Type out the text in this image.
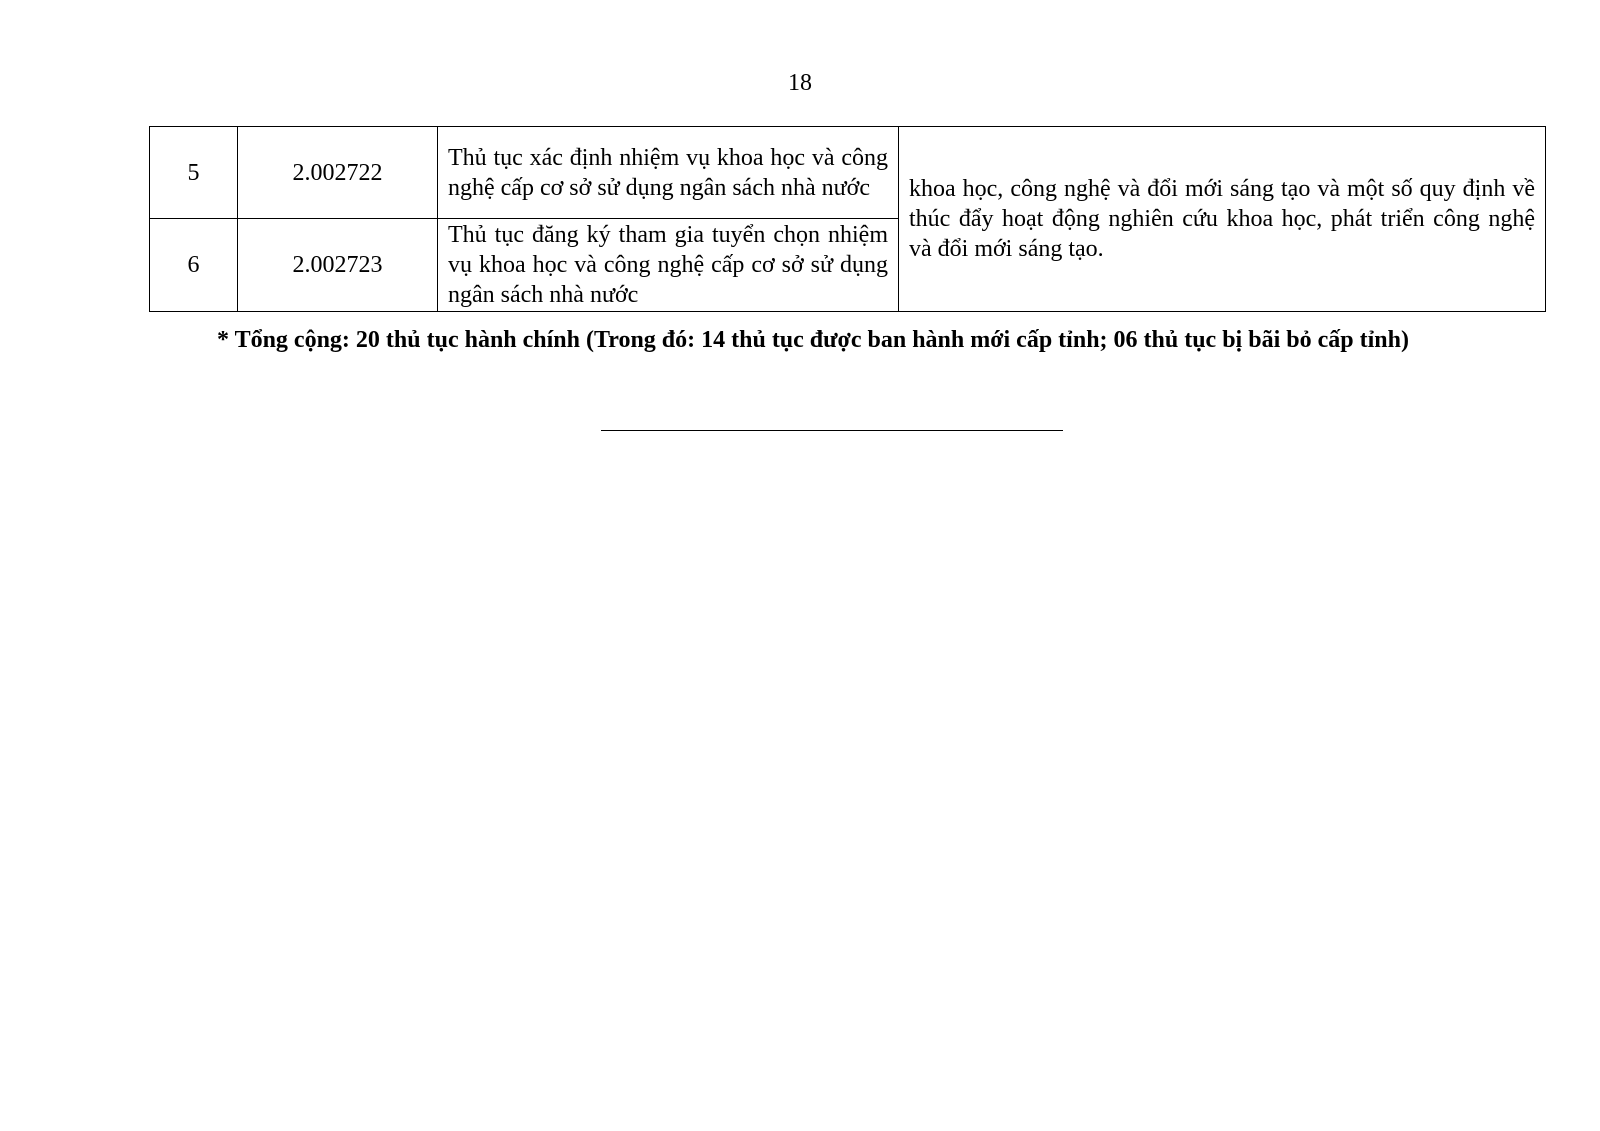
18
5	2.002722	Thủ tục xác định nhiệm vụ khoa học và công nghệ cấp cơ sở sử dụng ngân sách nhà nước	khoa học, công nghệ và đổi mới sáng tạo và một số quy định về thúc đẩy hoạt động nghiên cứu khoa học, phát triển công nghệ và đổi mới sáng tạo.
6	2.002723	Thủ tục đăng ký tham gia tuyển chọn nhiệm vụ khoa học và công nghệ cấp cơ sở sử dụng ngân sách nhà nước	
* Tổng cộng: 20 thủ tục hành chính (Trong đó: 14 thủ tục được ban hành mới cấp tỉnh; 06 thủ tục bị bãi bỏ cấp tỉnh)
